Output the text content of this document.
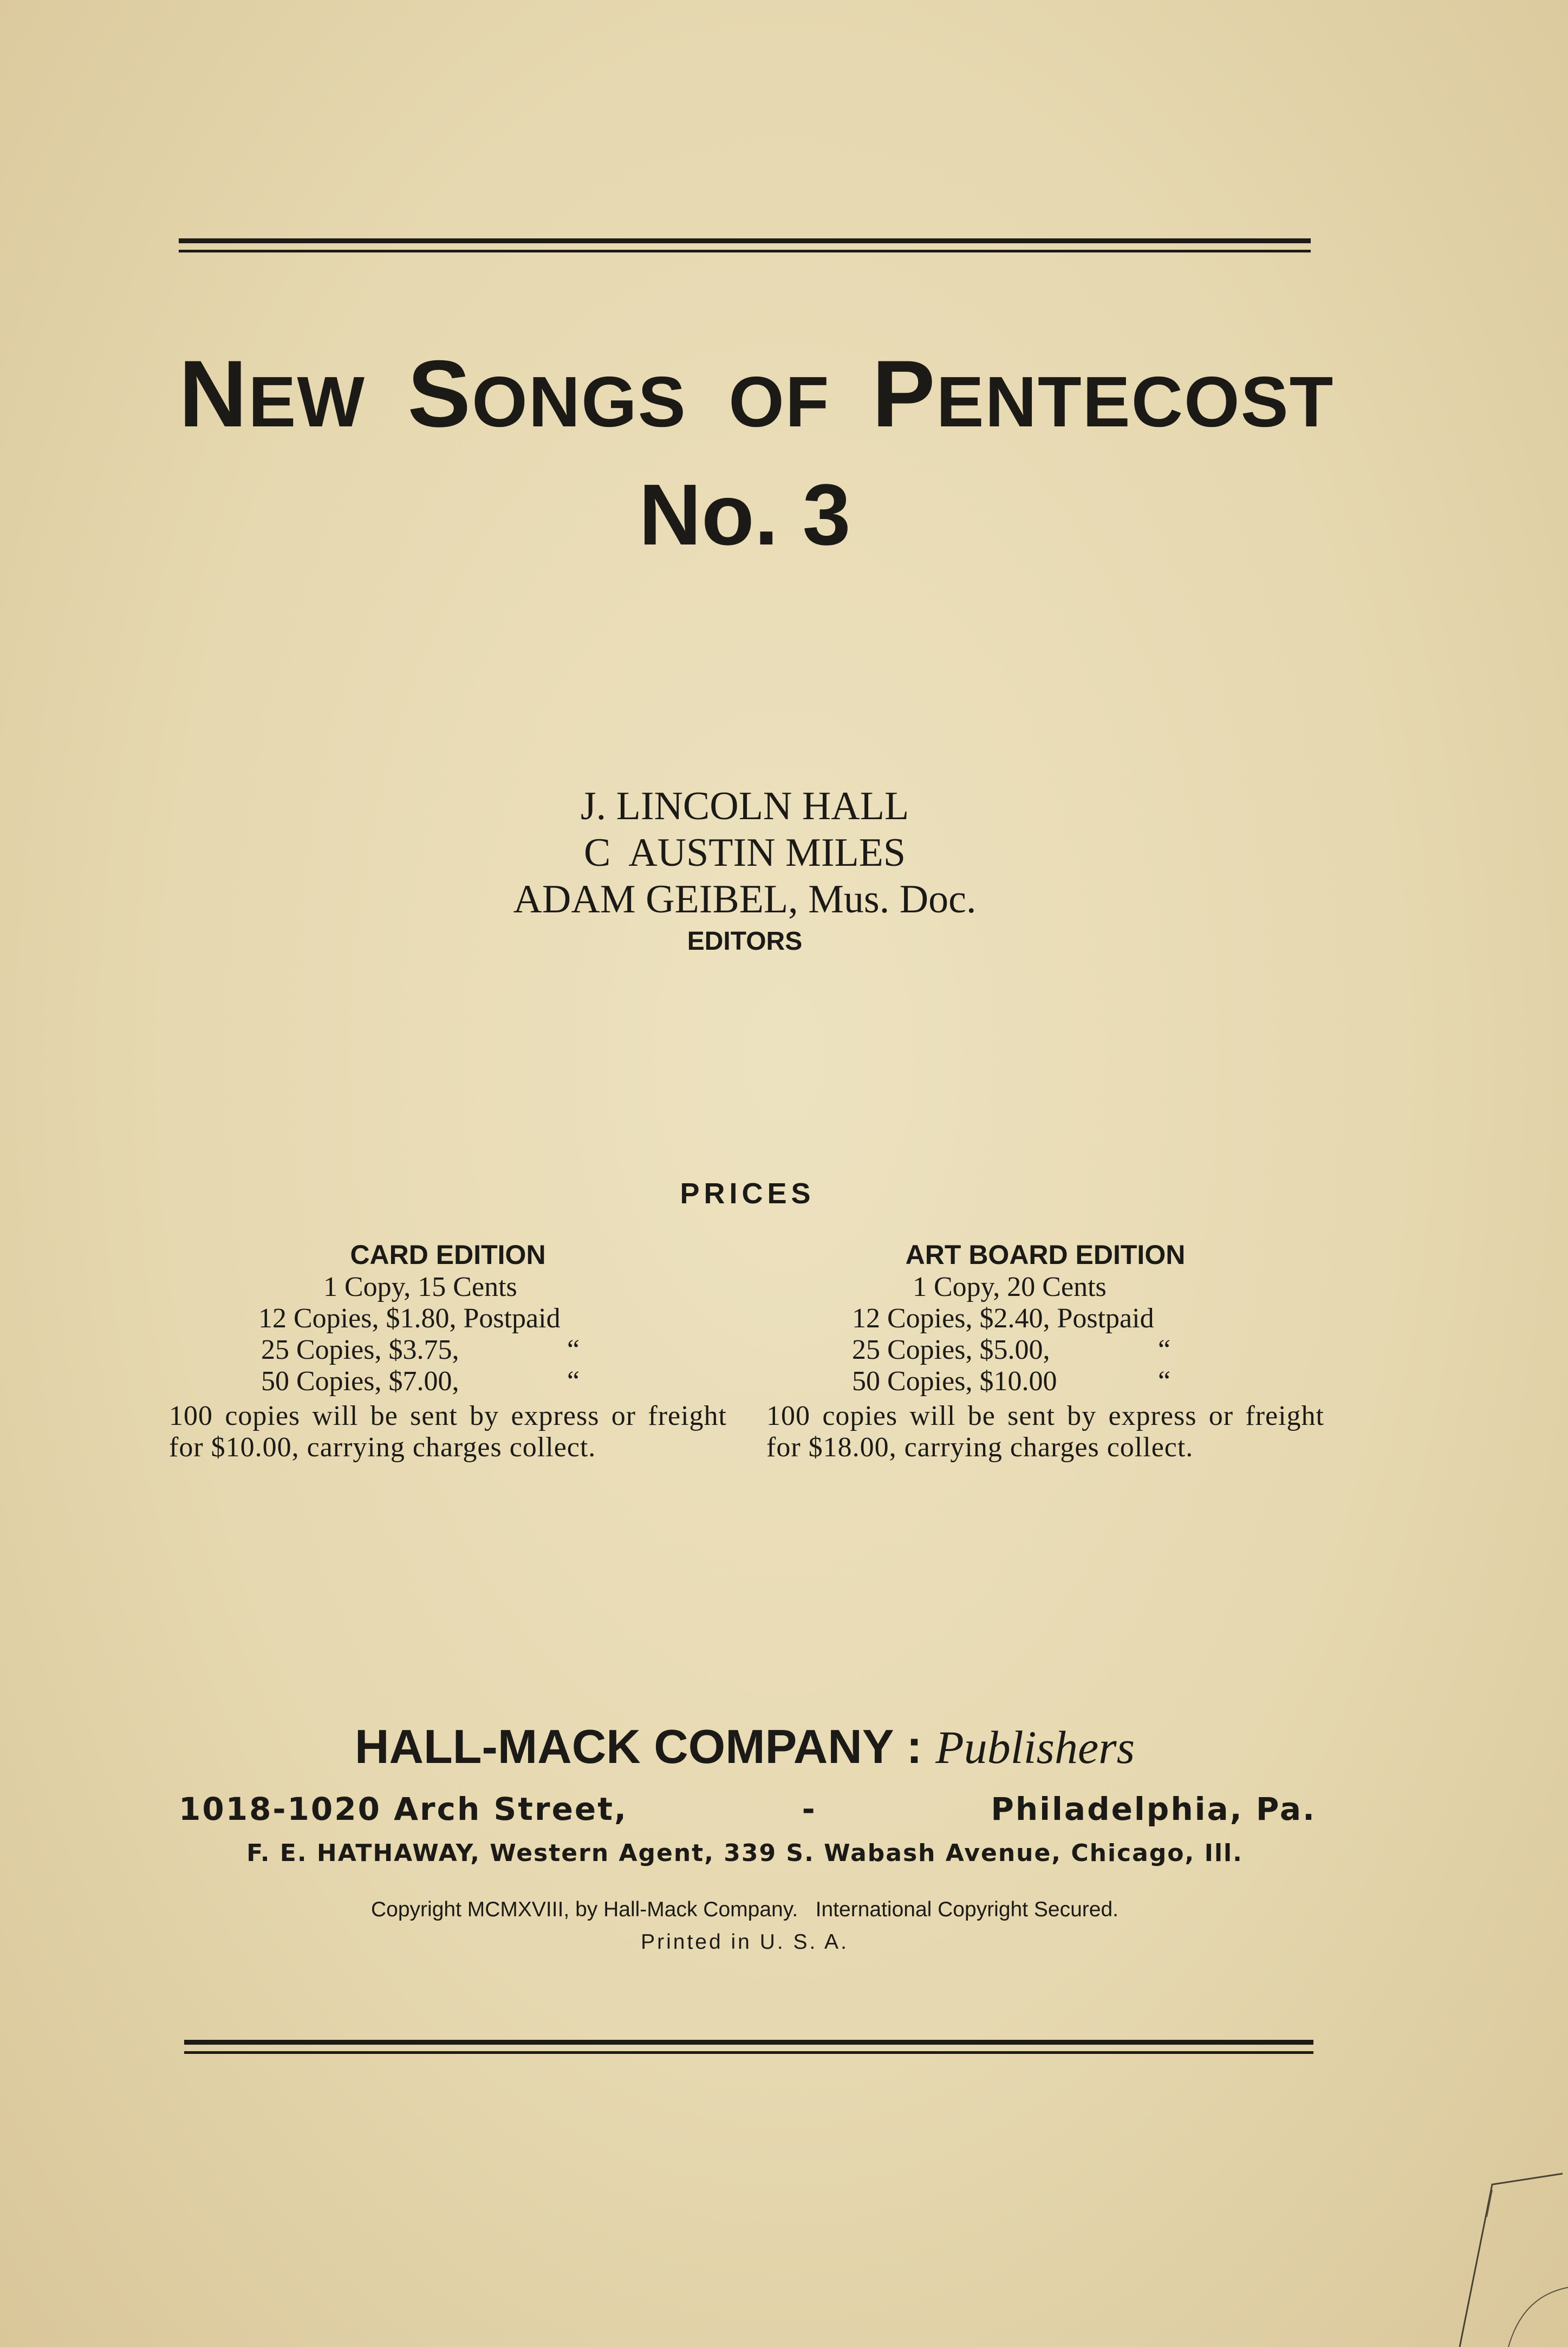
NEW SONGS OF PENTECOST
No. 3
J. LINCOLN HALL
C  AUSTIN MILES
ADAM GEIBEL, Mus. Doc.
EDITORS
PRICES
CARD EDITION
1 Copy, 15 Cents
12 Copies, $1.80, Postpaid
25 Copies, $3.75,	“
50 Copies, $7.00,	“
100 copies will be sent by express or freight for $10.00, carrying charges collect.
ART BOARD EDITION
1 Copy, 20 Cents
12 Copies, $2.40, Postpaid
25 Copies, $5.00,	“
50 Copies, $10.00	“
100 copies will be sent by express or freight for $18.00, carrying charges collect.
HALL-MACK COMPANY : Publishers
1018-1020 Arch Street,	-	Philadelphia, Pa.
F. E. HATHAWAY, Western Agent, 339 S. Wabash Avenue, Chicago, Ill.
Copyright MCMXVIII, by Hall-Mack Company.   International Copyright Secured.
Printed in U. S. A.
